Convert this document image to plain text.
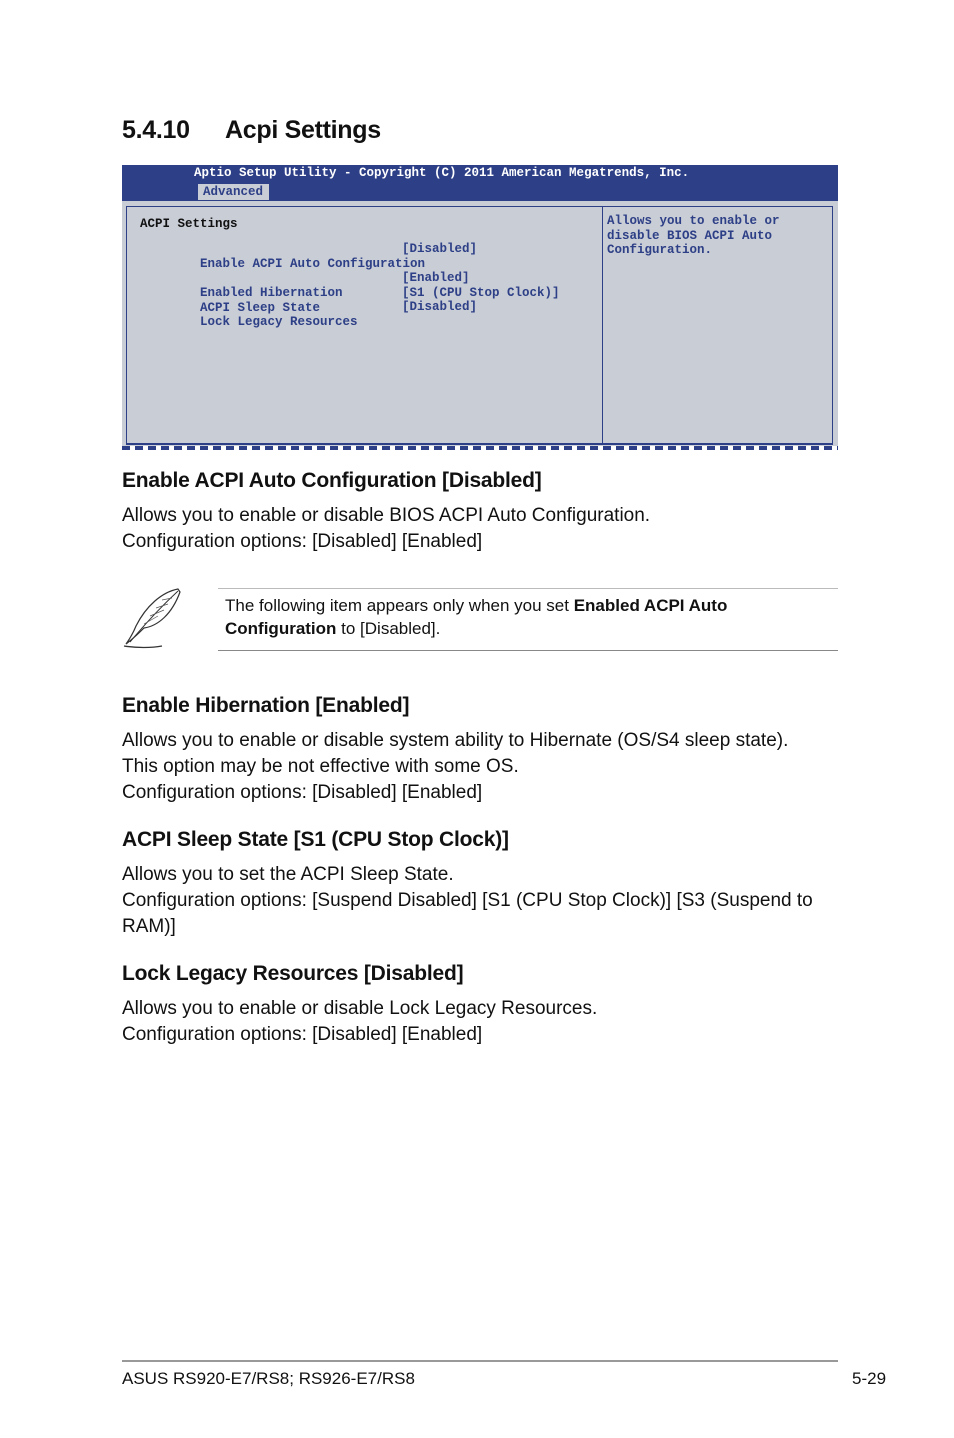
5.4.10 Acpi Settings
Aptio Setup Utility - Copyright (C) 2011 American Megatrends, Inc.
Advanced
ACPI Settings

Enable ACPI Auto Configuration

[Disabled]

Enabled Hibernation

[Enabled]

ACPI Sleep State

[S1 (CPU Stop Clock)]

Lock Legacy Resources

[Disabled]

Allows you to enable or
disable BIOS ACPI Auto
Configuration.
Enable ACPI Auto Configuration [Disabled]
Allows you to enable or disable BIOS ACPI Auto Configuration.
Configuration options: [Disabled] [Enabled]
The following item appears only when you set Enabled ACPI Auto
Configuration to [Disabled].
Enable Hibernation [Enabled]
Allows you to enable or disable system ability to Hibernate (OS/S4 sleep state).
This option may be not effective with some OS.
Configuration options: [Disabled] [Enabled]
ACPI Sleep State [S1 (CPU Stop Clock)]
Allows you to set the ACPI Sleep State.
Configuration options: [Suspend Disabled] [S1 (CPU Stop Clock)] [S3 (Suspend to
RAM)]
Lock Legacy Resources [Disabled]
Allows you to enable or disable Lock Legacy Resources.
Configuration options: [Disabled] [Enabled]
ASUS RS920-E7/RS8; RS926-E7/RS8	5-29
